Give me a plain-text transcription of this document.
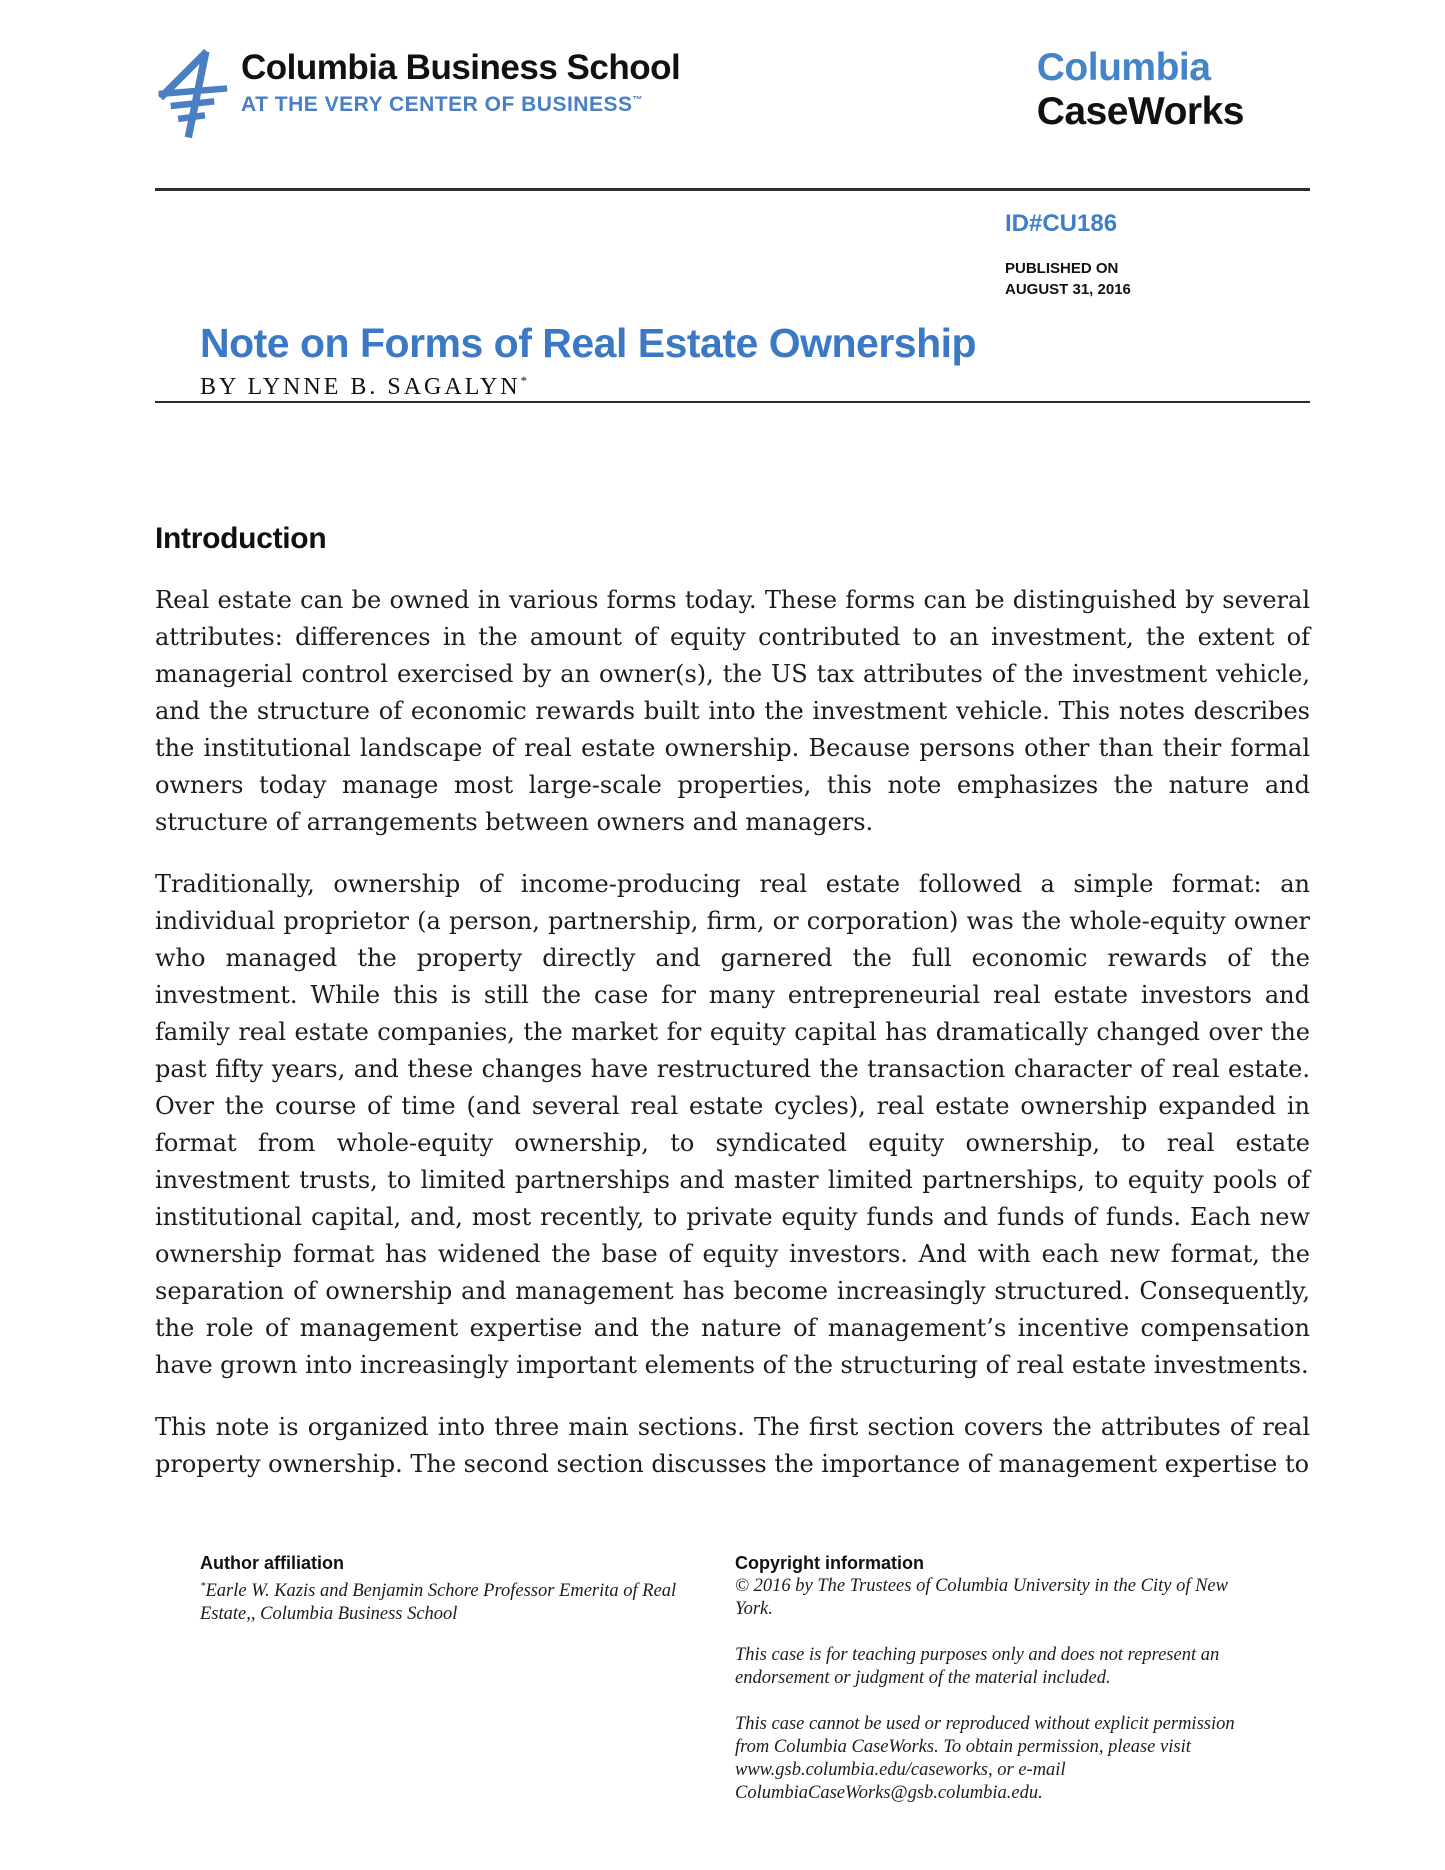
Columbia Business School
AT THE VERY CENTER OF BUSINESS™
Columbia
CaseWorks
ID#CU186
PUBLISHED ON
AUGUST 31, 2016
Note on Forms of Real Estate Ownership
BY LYNNE B. SAGALYN*
Introduction

Real estate can be owned in various forms today. These forms can be distinguished by several attributes: differences in the amount of equity contributed to an investment, the extent of managerial control exercised by an owner(s), the US tax attributes of the investment vehicle, and the structure of economic rewards built into the investment vehicle. This notes describes the institutional landscape of real estate ownership. Because persons other than their formal owners today manage most large-scale properties, this note emphasizes the nature and structure of arrangements between owners and managers.

Traditionally, ownership of income-producing real estate followed a simple format: an individual proprietor (a person, partnership, firm, or corporation) was the whole-equity owner who managed the property directly and garnered the full economic rewards of the investment. While this is still the case for many entrepreneurial real estate investors and family real estate companies, the market for equity capital has dramatically changed over the past fifty years, and these changes have restructured the transaction character of real estate. Over the course of time (and several real estate cycles), real estate ownership expanded in format from whole-equity ownership, to syndicated equity ownership, to real estate investment trusts, to limited partnerships and master limited partnerships, to equity pools of institutional capital, and, most recently, to private equity funds and funds of funds. Each new ownership format has widened the base of equity investors. And with each new format, the separation of ownership and management has become increasingly structured. Consequently, the role of management expertise and the nature of management’s incentive compensation have grown into increasingly important elements of the structuring of real estate investments.

This note is organized into three main sections. The first section covers the attributes of real property ownership. The second section discusses the importance of management expertise to

Author affiliation

*Earle W. Kazis and Benjamin Schore Professor Emerita of Real Estate,, Columbia Business School

Copyright information

© 2016 by The Trustees of Columbia University in the City of New York.

This case is for teaching purposes only and does not represent an endorsement or judgment of the material included.

This case cannot be used or reproduced without explicit permission from Columbia CaseWorks. To obtain permission, please visit www.gsb.columbia.edu/caseworks, or e-mail ColumbiaCaseWorks@gsb.columbia.edu.
